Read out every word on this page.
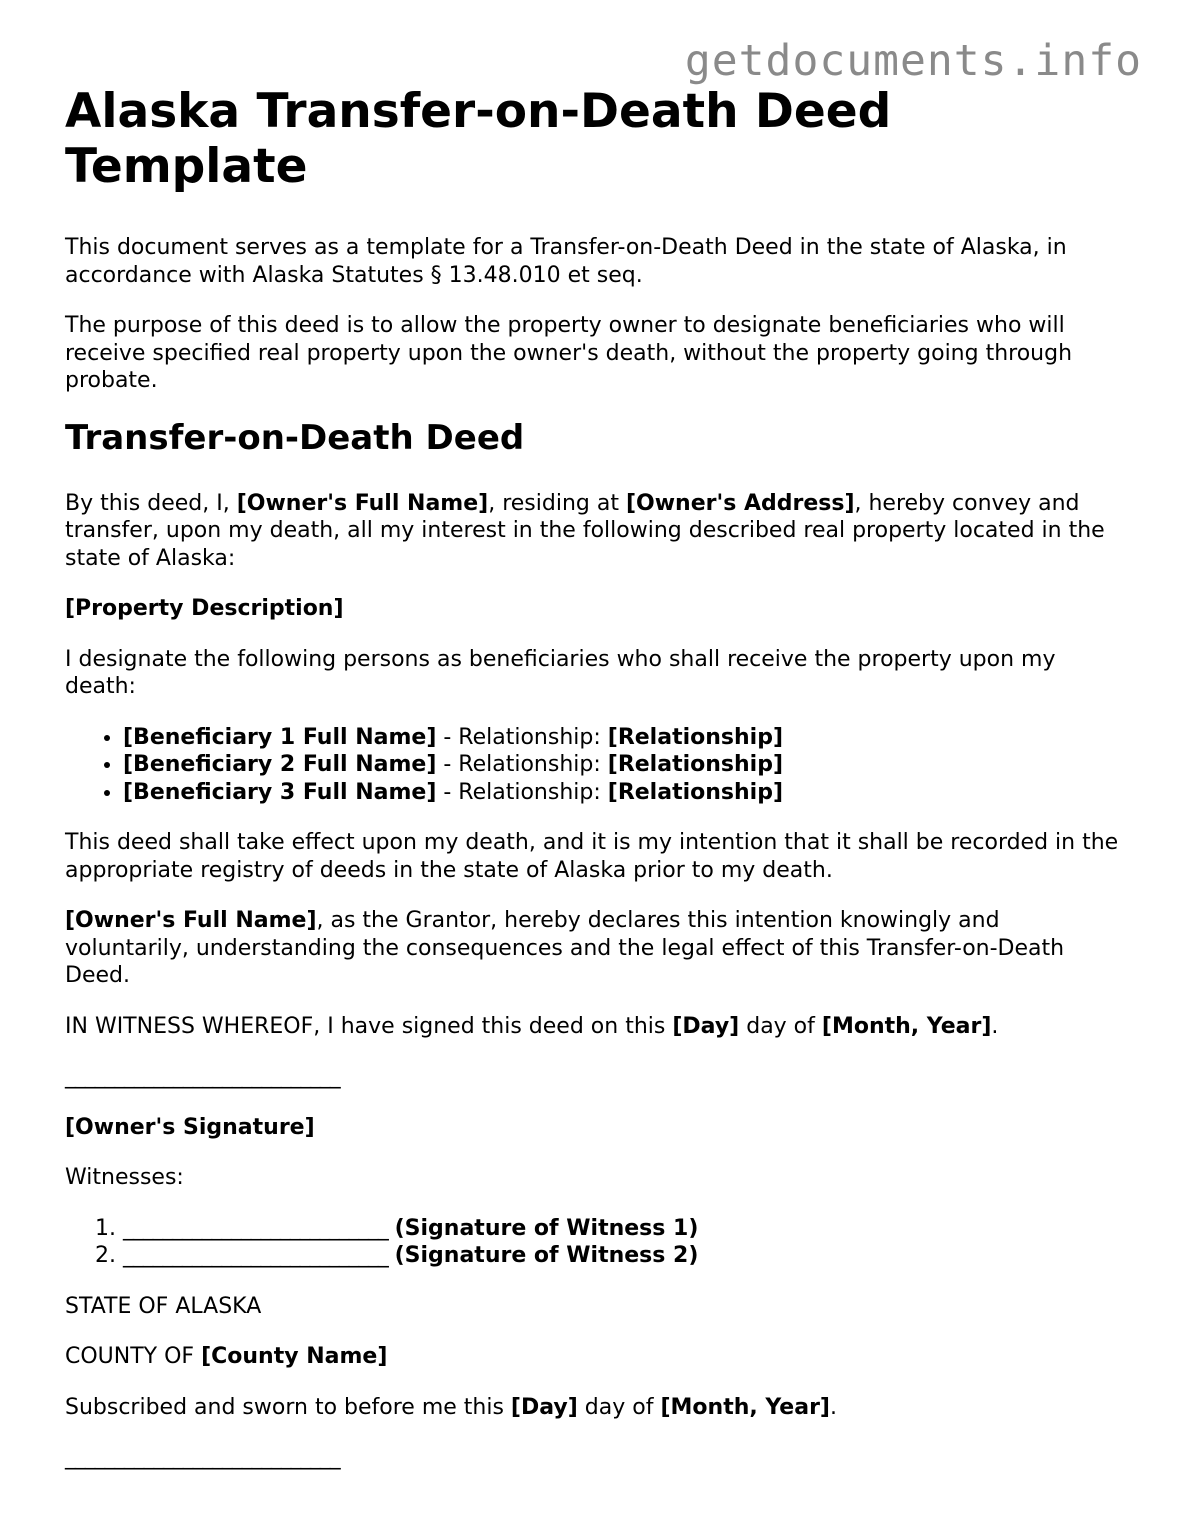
getdocuments.info
Alaska Transfer-on-Death Deed Template

This document serves as a template for a Transfer-on-Death Deed in the state of Alaska, in accordance with Alaska Statutes § 13.48.010 et seq.

The purpose of this deed is to allow the property owner to designate beneficiaries who will receive specified real property upon the owner's death, without the property going through probate.

Transfer-on-Death Deed

By this deed, I, [Owner's Full Name], residing at [Owner's Address], hereby convey and transfer, upon my death, all my interest in the following described real property located in the state of Alaska:

[Property Description]

I designate the following persons as beneficiaries who shall receive the property upon my death:

• [Beneficiary 1 Full Name] - Relationship: [Relationship]
• [Beneficiary 2 Full Name] - Relationship: [Relationship]
• [Beneficiary 3 Full Name] - Relationship: [Relationship]

This deed shall take effect upon my death, and it is my intention that it shall be recorded in the appropriate registry of deeds in the state of Alaska prior to my death.

[Owner's Full Name], as the Grantor, hereby declares this intention knowingly and voluntarily, understanding the consequences and the legal effect of this Transfer-on-Death Deed.

IN WITNESS WHEREOF, I have signed this deed on this [Day] day of [Month, Year].

____________________________

[Owner's Signature]

Witnesses:

1. ___________________________ (Signature of Witness 1)
2. ___________________________ (Signature of Witness 2)

STATE OF ALASKA

COUNTY OF [County Name]

Subscribed and sworn to before me this [Day] day of [Month, Year].

____________________________
